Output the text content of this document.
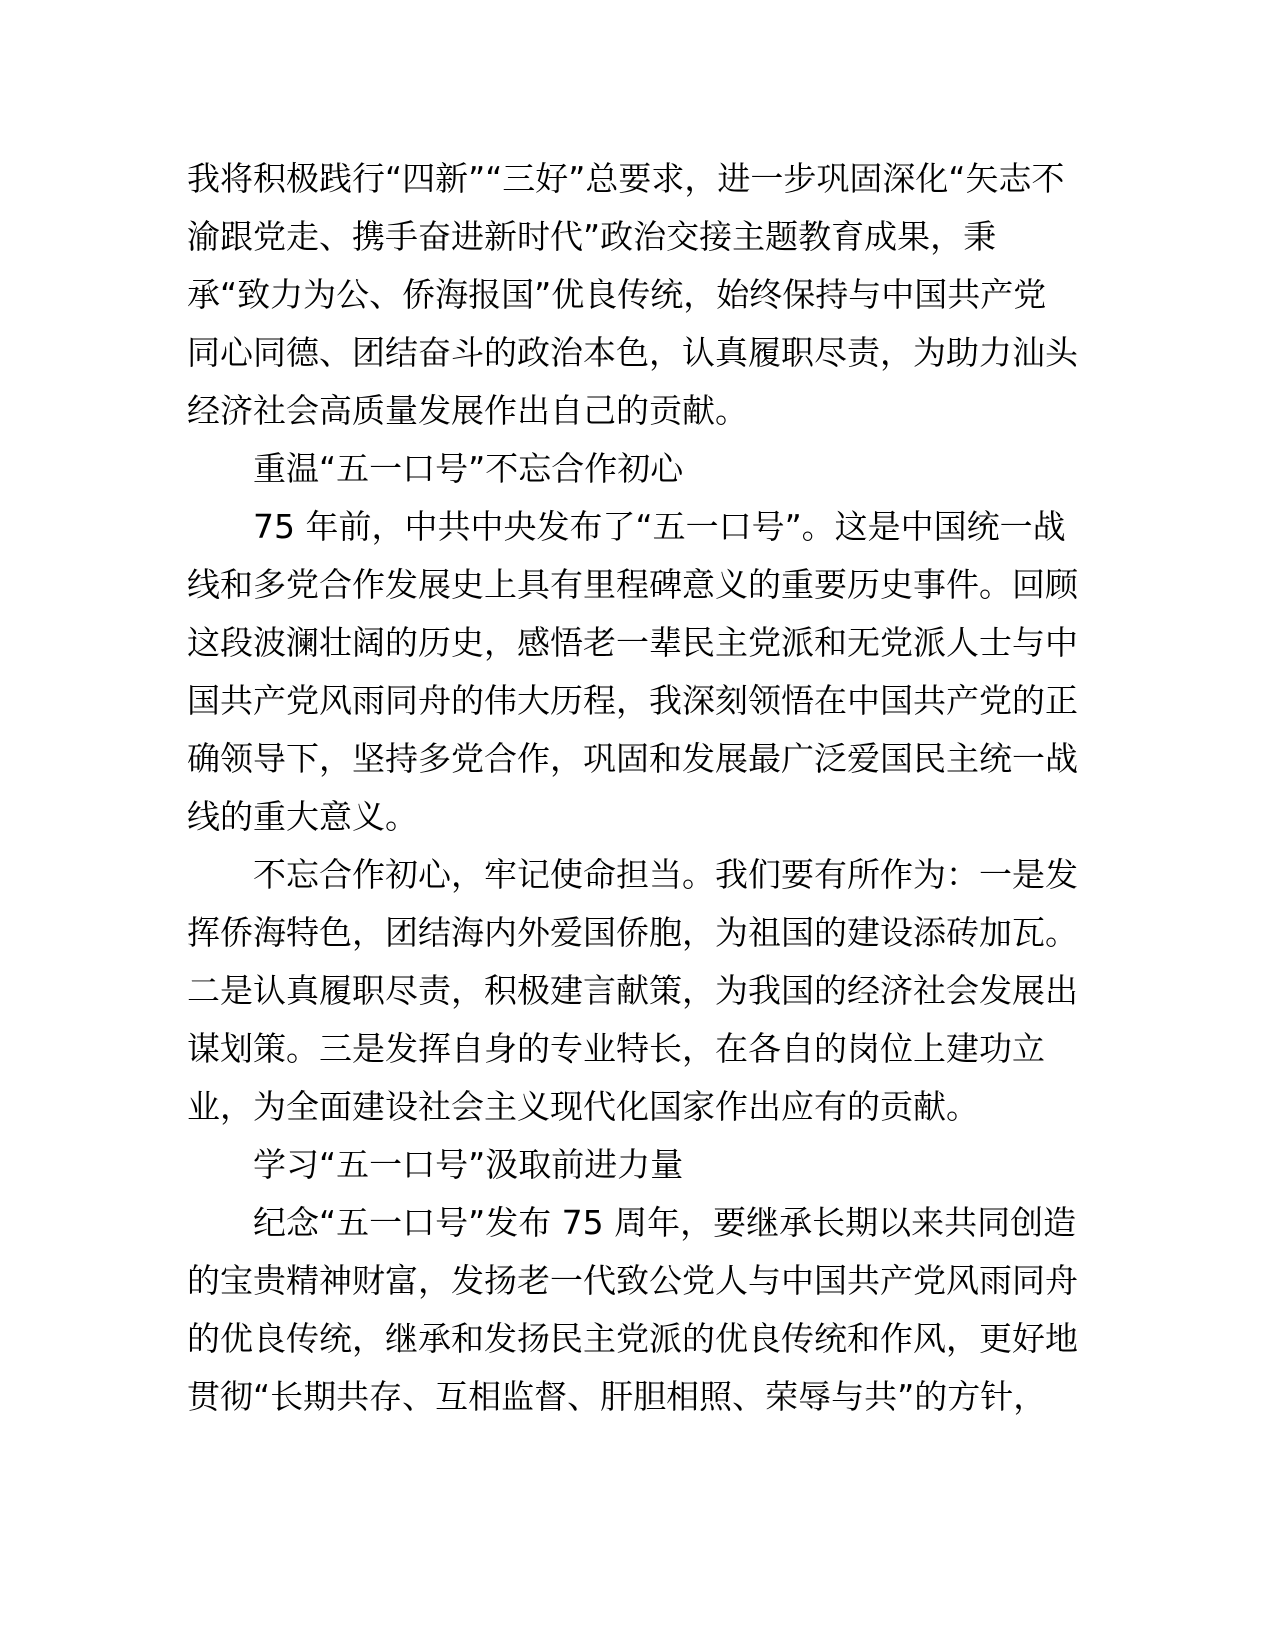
我将积极践行“四新”“三好”总要求，进一步巩固深化“矢志不
渝跟党走、携手奋进新时代”政治交接主题教育成果，秉
承“致力为公、侨海报国”优良传统，始终保持与中国共产党
同心同德、团结奋斗的政治本色，认真履职尽责，为助力汕头
经济社会高质量发展作出自己的贡献。

重温“五一口号”不忘合作初心

75 年前，中共中央发布了“五一口号”。这是中国统一战
线和多党合作发展史上具有里程碑意义的重要历史事件。回顾
这段波澜壮阔的历史，感悟老一辈民主党派和无党派人士与中
国共产党风雨同舟的伟大历程，我深刻领悟在中国共产党的正
确领导下，坚持多党合作，巩固和发展最广泛爱国民主统一战
线的重大意义。

不忘合作初心，牢记使命担当。我们要有所作为：一是发
挥侨海特色，团结海内外爱国侨胞，为祖国的建设添砖加瓦。
二是认真履职尽责，积极建言献策，为我国的经济社会发展出
谋划策。三是发挥自身的专业特长，在各自的岗位上建功立
业，为全面建设社会主义现代化国家作出应有的贡献。

学习“五一口号”汲取前进力量

纪念“五一口号”发布 75 周年，要继承长期以来共同创造
的宝贵精神财富，发扬老一代致公党人与中国共产党风雨同舟
的优良传统，继承和发扬民主党派的优良传统和作风，更好地
贯彻“长期共存、互相监督、肝胆相照、荣辱与共”的方针，
